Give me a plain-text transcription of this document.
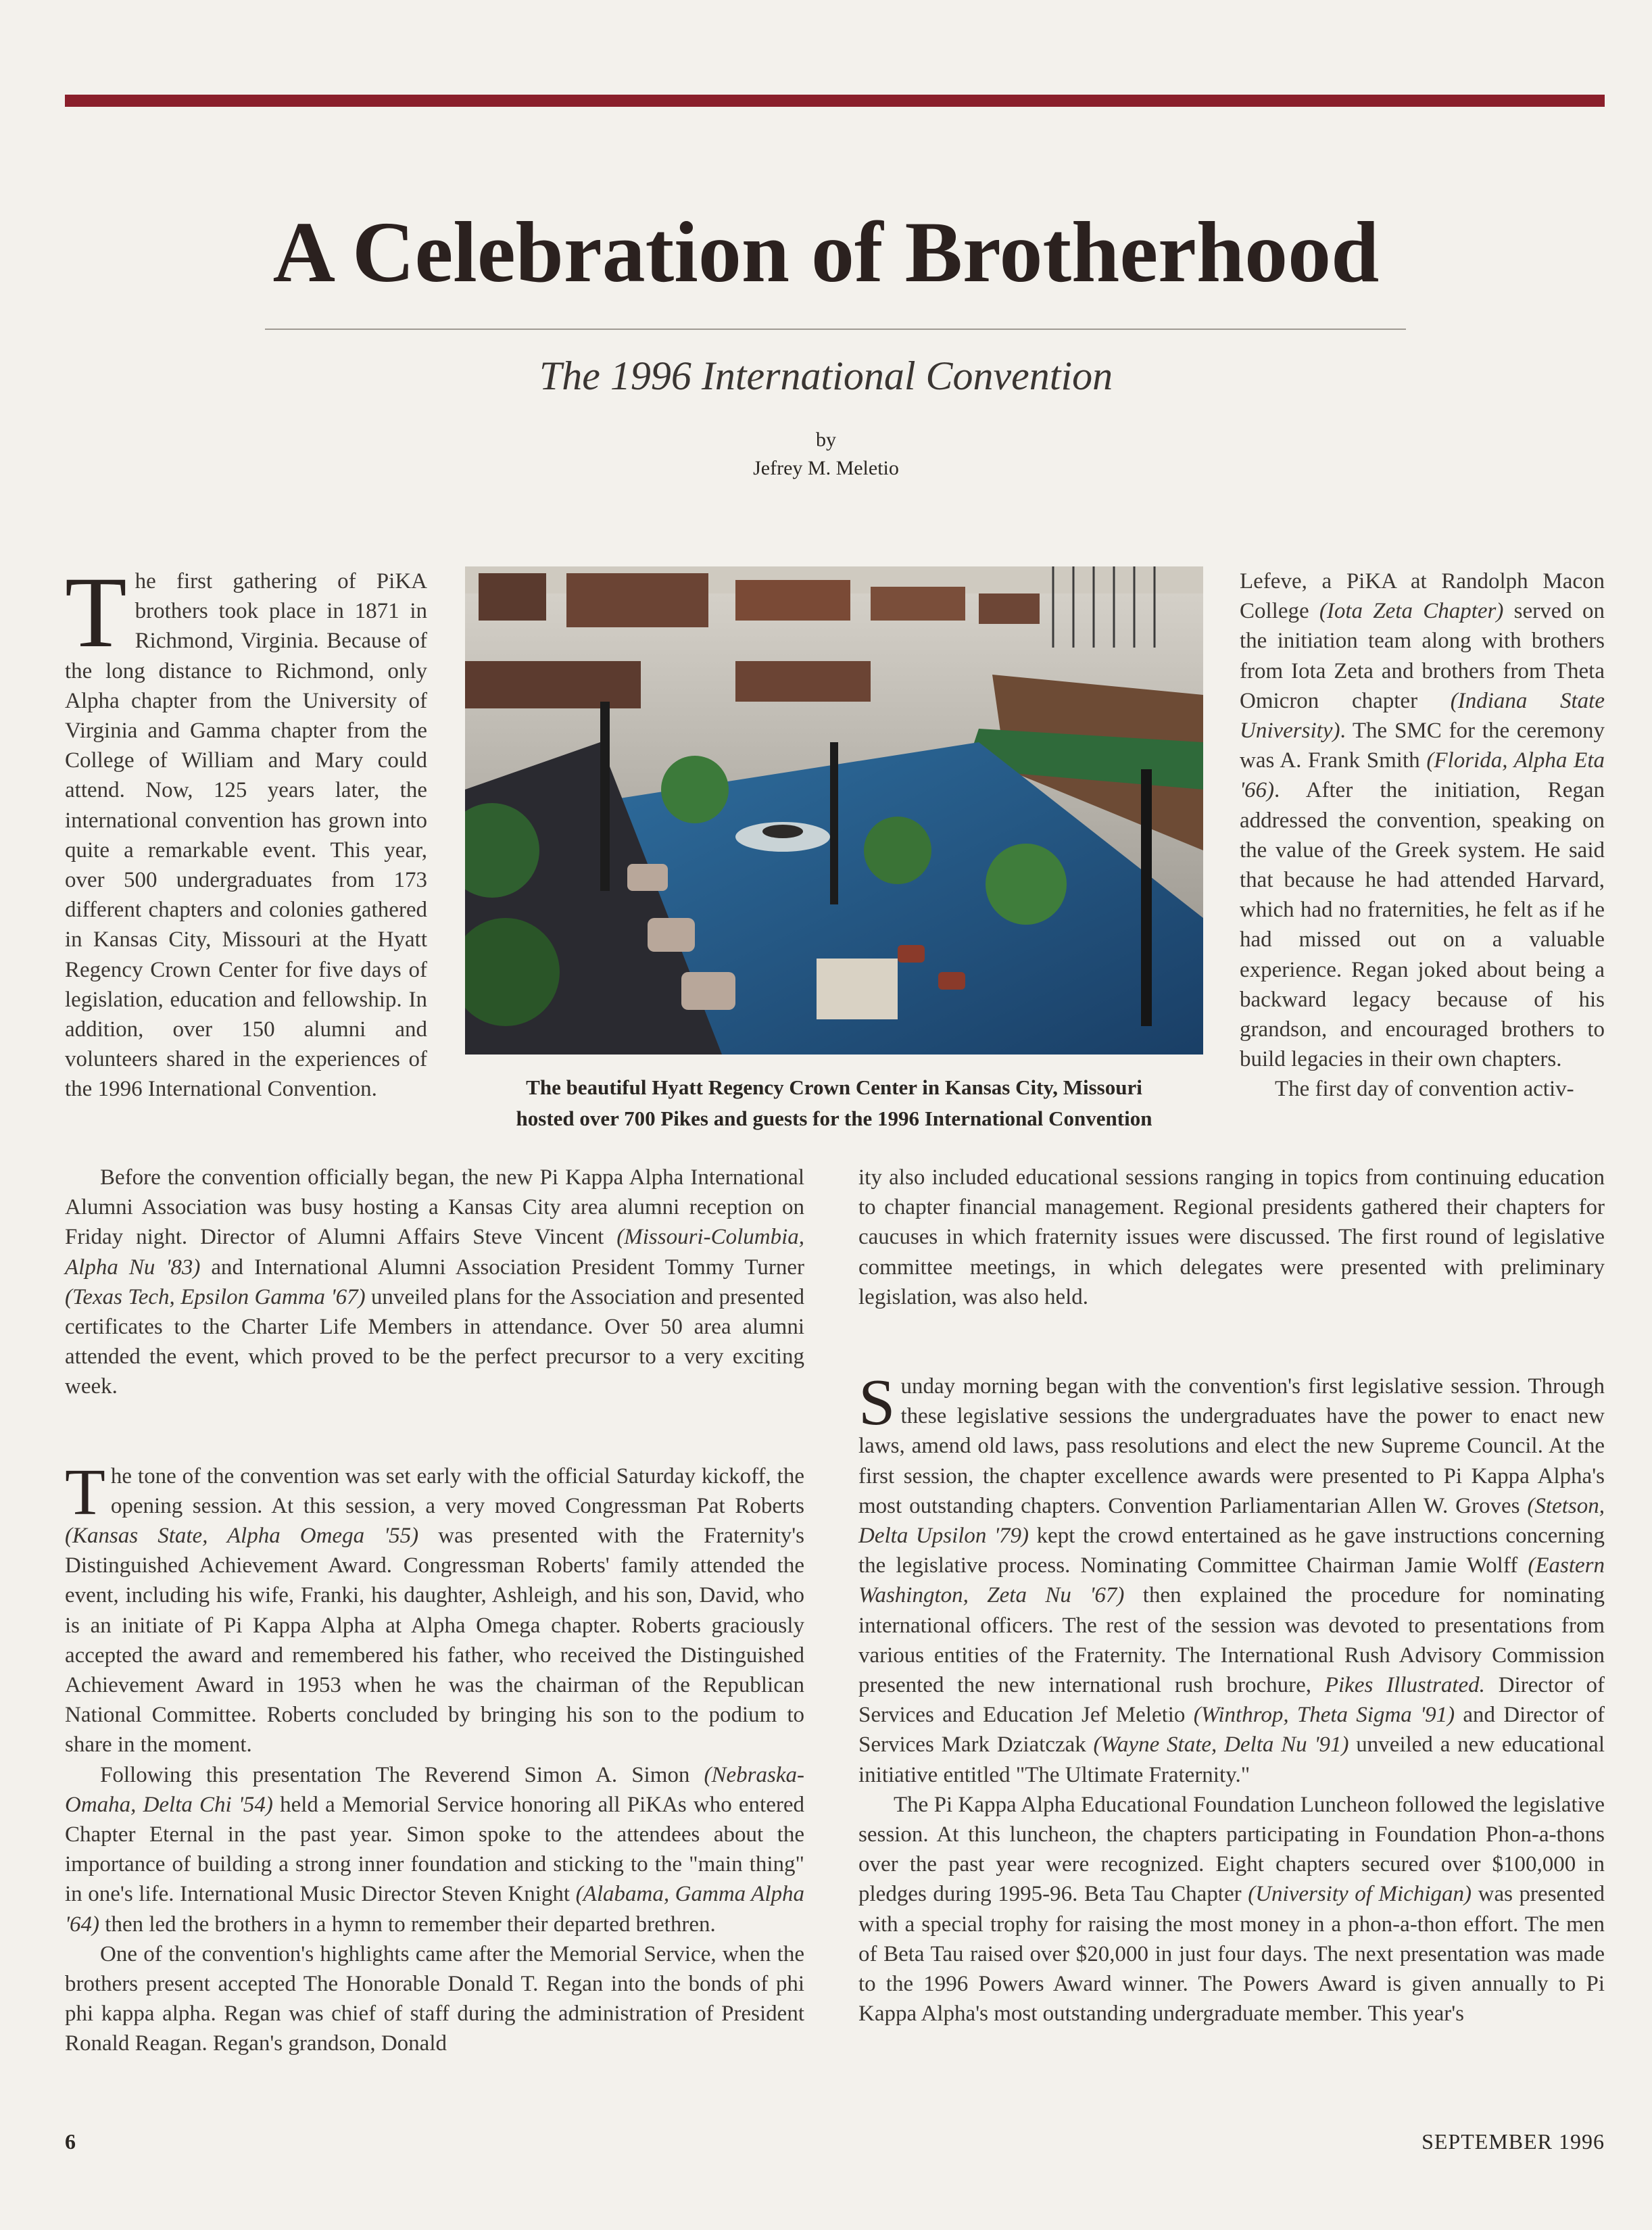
A Celebration of Brotherhood
The 1996 International Convention
by
Jefrey M. Meletio

The first gathering of PiKA brothers took place in 1871 in Richmond, Virginia. Because of the long distance to Richmond, only Alpha chapter from the University of Virginia and Gamma chapter from the College of William and Mary could attend. Now, 125 years later, the international convention has grown into quite a remarkable event. This year, over 500 undergraduates from 173 different chapters and colonies gathered in Kansas City, Missouri at the Hyatt Regency Crown Center for five days of legislation, education and fellowship. In addition, over 150 alumni and volunteers shared in the experiences of the 1996 International Convention.	The beautiful Hyatt Regency Crown Center in Kansas City, Missouri
hosted over 700 Pikes and guests for the 1996 International Convention

Lefeve, a PiKA at Randolph Macon College (Iota Zeta Chapter) served on the initiation team along with brothers from Iota Zeta and brothers from Theta Omicron chapter (Indiana State University). The SMC for the ceremony was A. Frank Smith (Florida, Alpha Eta '66). After the initiation, Regan addressed the convention, speaking on the value of the Greek system. He said that because he had attended Harvard, which had no fraternities, he felt as if he had missed out on a valuable experience. Regan joked about being a backward legacy because of his grandson, and encouraged brothers to build legacies in their own chapters.

The first day of convention activ-

Before the convention officially began, the new Pi Kappa Alpha International Alumni Association was busy hosting a Kansas City area alumni reception on Friday night. Director of Alumni Affairs Steve Vincent (Missouri-Columbia, Alpha Nu '83) and International Alumni Association President Tommy Turner (Texas Tech, Epsilon Gamma '67) unveiled plans for the Association and presented certificates to the Charter Life Members in attendance. Over 50 area alumni attended the event, which proved to be the perfect precursor to a very exciting week.

The tone of the convention was set early with the official Saturday kickoff, the opening session. At this session, a very moved Congressman Pat Roberts (Kansas State, Alpha Omega '55) was presented with the Fraternity's Distinguished Achievement Award. Congressman Roberts' family attended the event, including his wife, Franki, his daughter, Ashleigh, and his son, David, who is an initiate of Pi Kappa Alpha at Alpha Omega chapter. Roberts graciously accepted the award and remembered his father, who received the Distinguished Achievement Award in 1953 when he was the chairman of the Republican National Committee. Roberts concluded by bringing his son to the podium to share in the moment.

Following this presentation The Reverend Simon A. Simon (Nebraska-Omaha, Delta Chi '54) held a Memorial Service honoring all PiKAs who entered Chapter Eternal in the past year. Simon spoke to the attendees about the importance of building a strong inner foundation and sticking to the "main thing" in one's life. International Music Director Steven Knight (Alabama, Gamma Alpha '64) then led the brothers in a hymn to remember their departed brethren.

One of the convention's highlights came after the Memorial Service, when the brothers present accepted The Honorable Donald T. Regan into the bonds of phi phi kappa alpha. Regan was chief of staff during the administration of President Ronald Reagan. Regan's grandson, Donald

ity also included educational sessions ranging in topics from continuing education to chapter financial management. Regional presidents gathered their chapters for caucuses in which fraternity issues were discussed. The first round of legislative committee meetings, in which delegates were presented with preliminary legislation, was also held.

Sunday morning began with the convention's first legislative session. Through these legislative sessions the undergraduates have the power to enact new laws, amend old laws, pass resolutions and elect the new Supreme Council. At the first session, the chapter excellence awards were presented to Pi Kappa Alpha's most outstanding chapters. Convention Parliamentarian Allen W. Groves (Stetson, Delta Upsilon '79) kept the crowd entertained as he gave instructions concerning the legislative process. Nominating Committee Chairman Jamie Wolff (Eastern Washington, Zeta Nu '67) then explained the procedure for nominating international officers. The rest of the session was devoted to presentations from various entities of the Fraternity. The International Rush Advisory Commission presented the new international rush brochure, Pikes Illustrated. Director of Services and Education Jef Meletio (Winthrop, Theta Sigma '91) and Director of Services Mark Dziatczak (Wayne State, Delta Nu '91) unveiled a new educational initiative entitled "The Ultimate Fraternity."

The Pi Kappa Alpha Educational Foundation Luncheon followed the legislative session. At this luncheon, the chapters participating in Foundation Phon-a-thons over the past year were recognized. Eight chapters secured over $100,000 in pledges during 1995-96. Beta Tau Chapter (University of Michigan) was presented with a special trophy for raising the most money in a phon-a-thon effort. The men of Beta Tau raised over $20,000 in just four days. The next presentation was made to the 1996 Powers Award winner. The Powers Award is given annually to Pi Kappa Alpha's most outstanding undergraduate member. This year's

6	SEPTEMBER 1996
